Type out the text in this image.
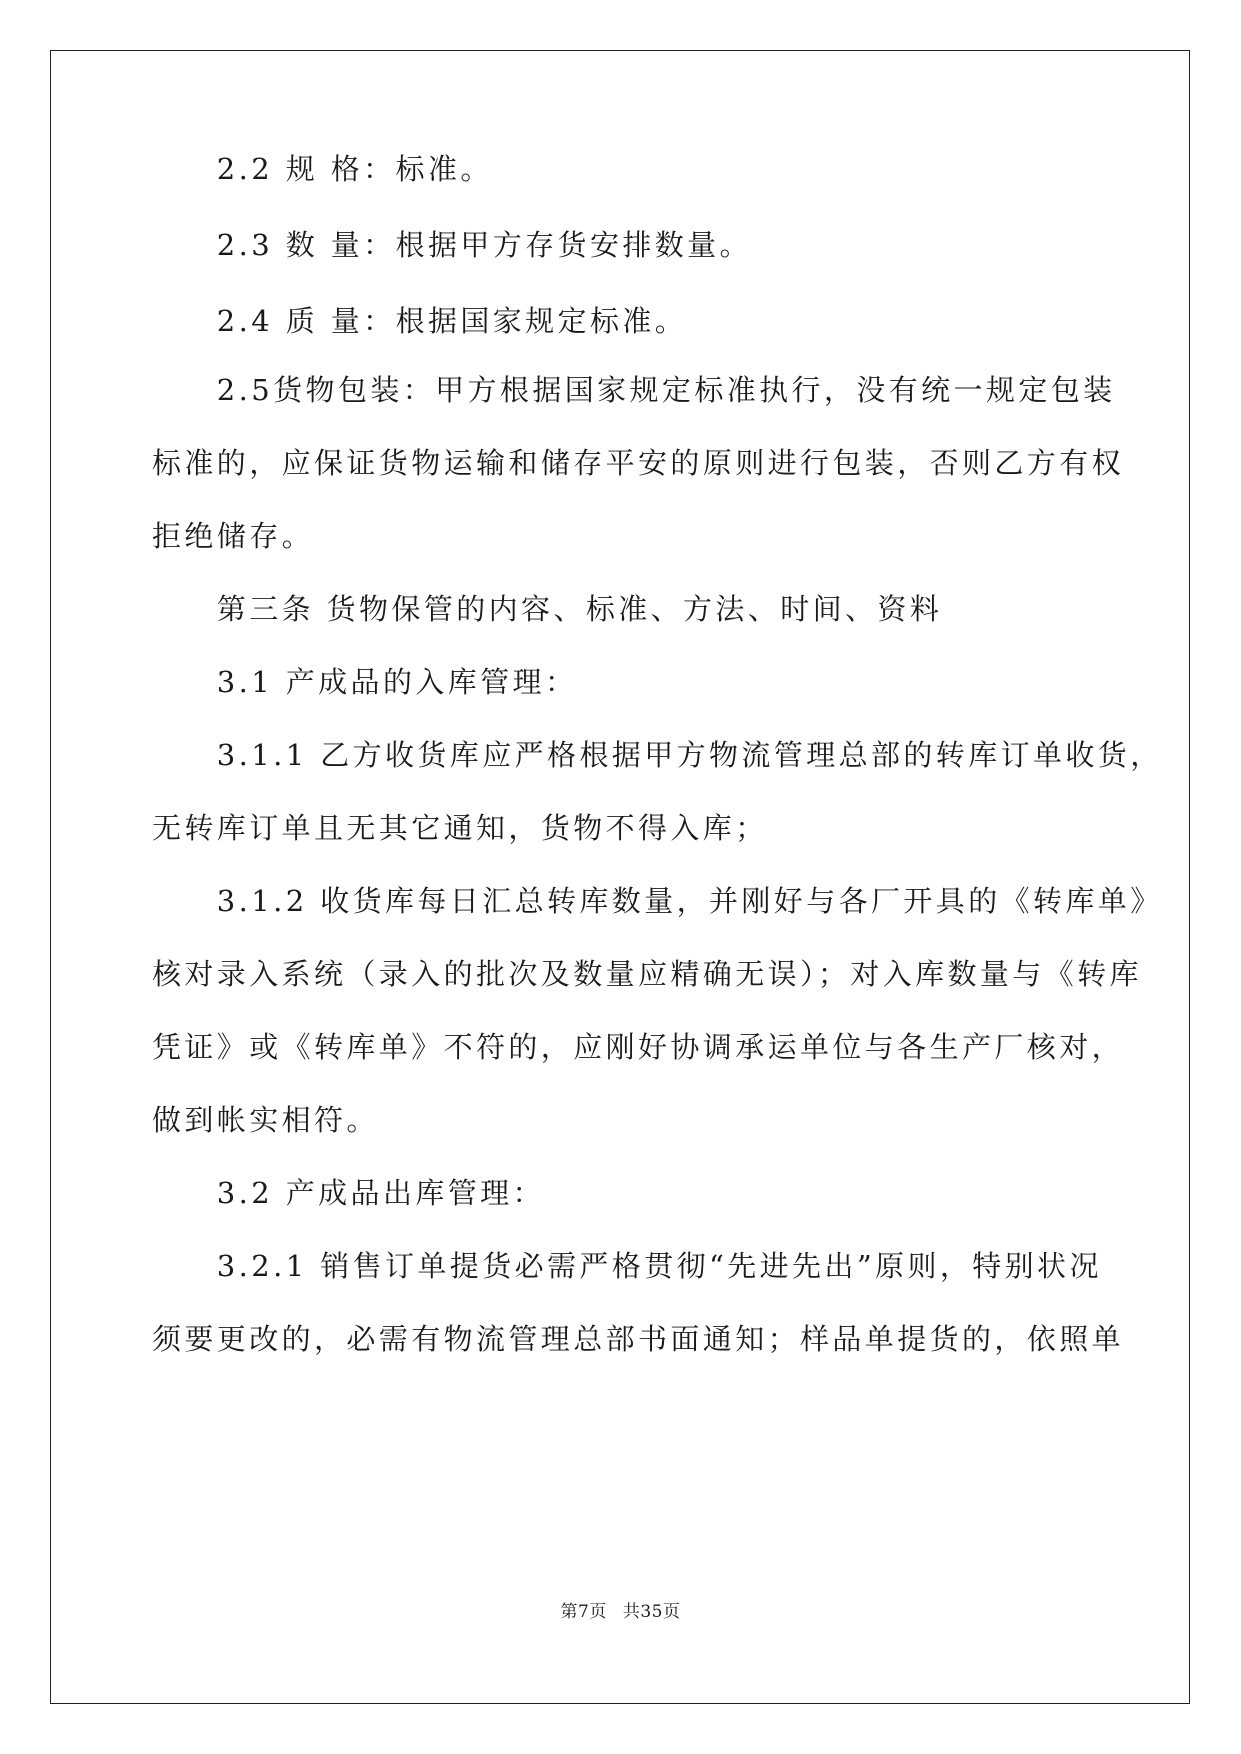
　　2.2 规 格：标准。

　　2.3 数 量：根据甲方存货安排数量。

　　2.4 质 量：根据国家规定标准。

　　2.5货物包装：甲方根据国家规定标准执行，没有统一规定包装

标准的，应保证货物运输和储存平安的原则进行包装，否则乙方有权

拒绝储存。

　　第三条 货物保管的内容、标准、方法、时间、资料

　　3.1 产成品的入库管理：

　　3.1.1 乙方收货库应严格根据甲方物流管理总部的转库订单收货，

无转库订单且无其它通知，货物不得入库；

　　3.1.2 收货库每日汇总转库数量，并刚好与各厂开具的《转库单》

核对录入系统（录入的批次及数量应精确无误）；对入库数量与《转库

凭证》或《转库单》不符的，应刚好协调承运单位与各生产厂核对，

做到帐实相符。

　　3.2 产成品出库管理：

　　3.2.1 销售订单提货必需严格贯彻“先进先出”原则，特别状况

须要更改的，必需有物流管理总部书面通知；样品单提货的，依照单

第7页 共35页
